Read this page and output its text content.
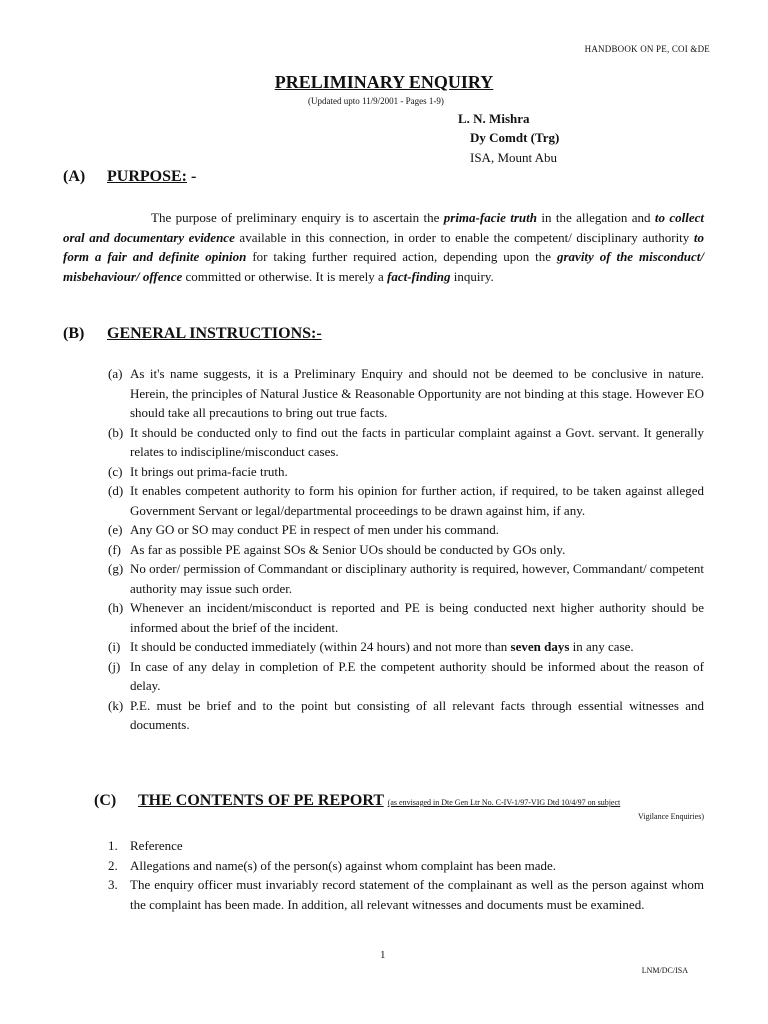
HANDBOOK ON PE, COI &DE
PRELIMINARY ENQUIRY
(Updated upto 11/9/2001 - Pages 1-9)
L. N. Mishra
Dy Comdt (Trg)
ISA, Mount Abu
(A) PURPOSE: -
The purpose of preliminary enquiry is to ascertain the prima-facie truth in the allegation and to collect oral and documentary evidence available in this connection, in order to enable the competent/ disciplinary authority to form a fair and definite opinion for taking further required action, depending upon the gravity of the misconduct/ misbehaviour/ offence committed or otherwise. It is merely a fact-finding inquiry.
(B) GENERAL INSTRUCTIONS:-
(a) As it's name suggests, it is a Preliminary Enquiry and should not be deemed to be conclusive in nature. Herein, the principles of Natural Justice & Reasonable Opportunity are not binding at this stage. However EO should take all precautions to bring out true facts.
(b) It should be conducted only to find out the facts in particular complaint against a Govt. servant. It generally relates to indiscipline/misconduct cases.
(c) It brings out prima-facie truth.
(d) It enables competent authority to form his opinion for further action, if required, to be taken against alleged Government Servant or legal/departmental proceedings to be drawn against him, if any.
(e) Any GO or SO may conduct PE in respect of men under his command.
(f) As far as possible PE against SOs & Senior UOs should be conducted by GOs only.
(g) No order/ permission of Commandant or disciplinary authority is required, however, Commandant/ competent authority may issue such order.
(h) Whenever an incident/misconduct is reported and PE is being conducted next higher authority should be informed about the brief of the incident.
(i) It should be conducted immediately (within 24 hours) and not more than seven days in any case.
(j) In case of any delay in completion of P.E the competent authority should be informed about the reason of delay.
(k) P.E. must be brief and to the point but consisting of all relevant facts through essential witnesses and documents.
(C) THE CONTENTS OF PE REPORT (as envisaged in Dte Gen Ltr No. C-IV-1/97-VIG Dtd 10/4/97 on subject
Vigilance Enquiries)
1. Reference
2. Allegations and name(s) of the person(s) against whom complaint has been made.
3. The enquiry officer must invariably record statement of the complainant as well as the person against whom the complaint has been made. In addition, all relevant witnesses and documents must be examined.
1
LNM/DC/ISA
